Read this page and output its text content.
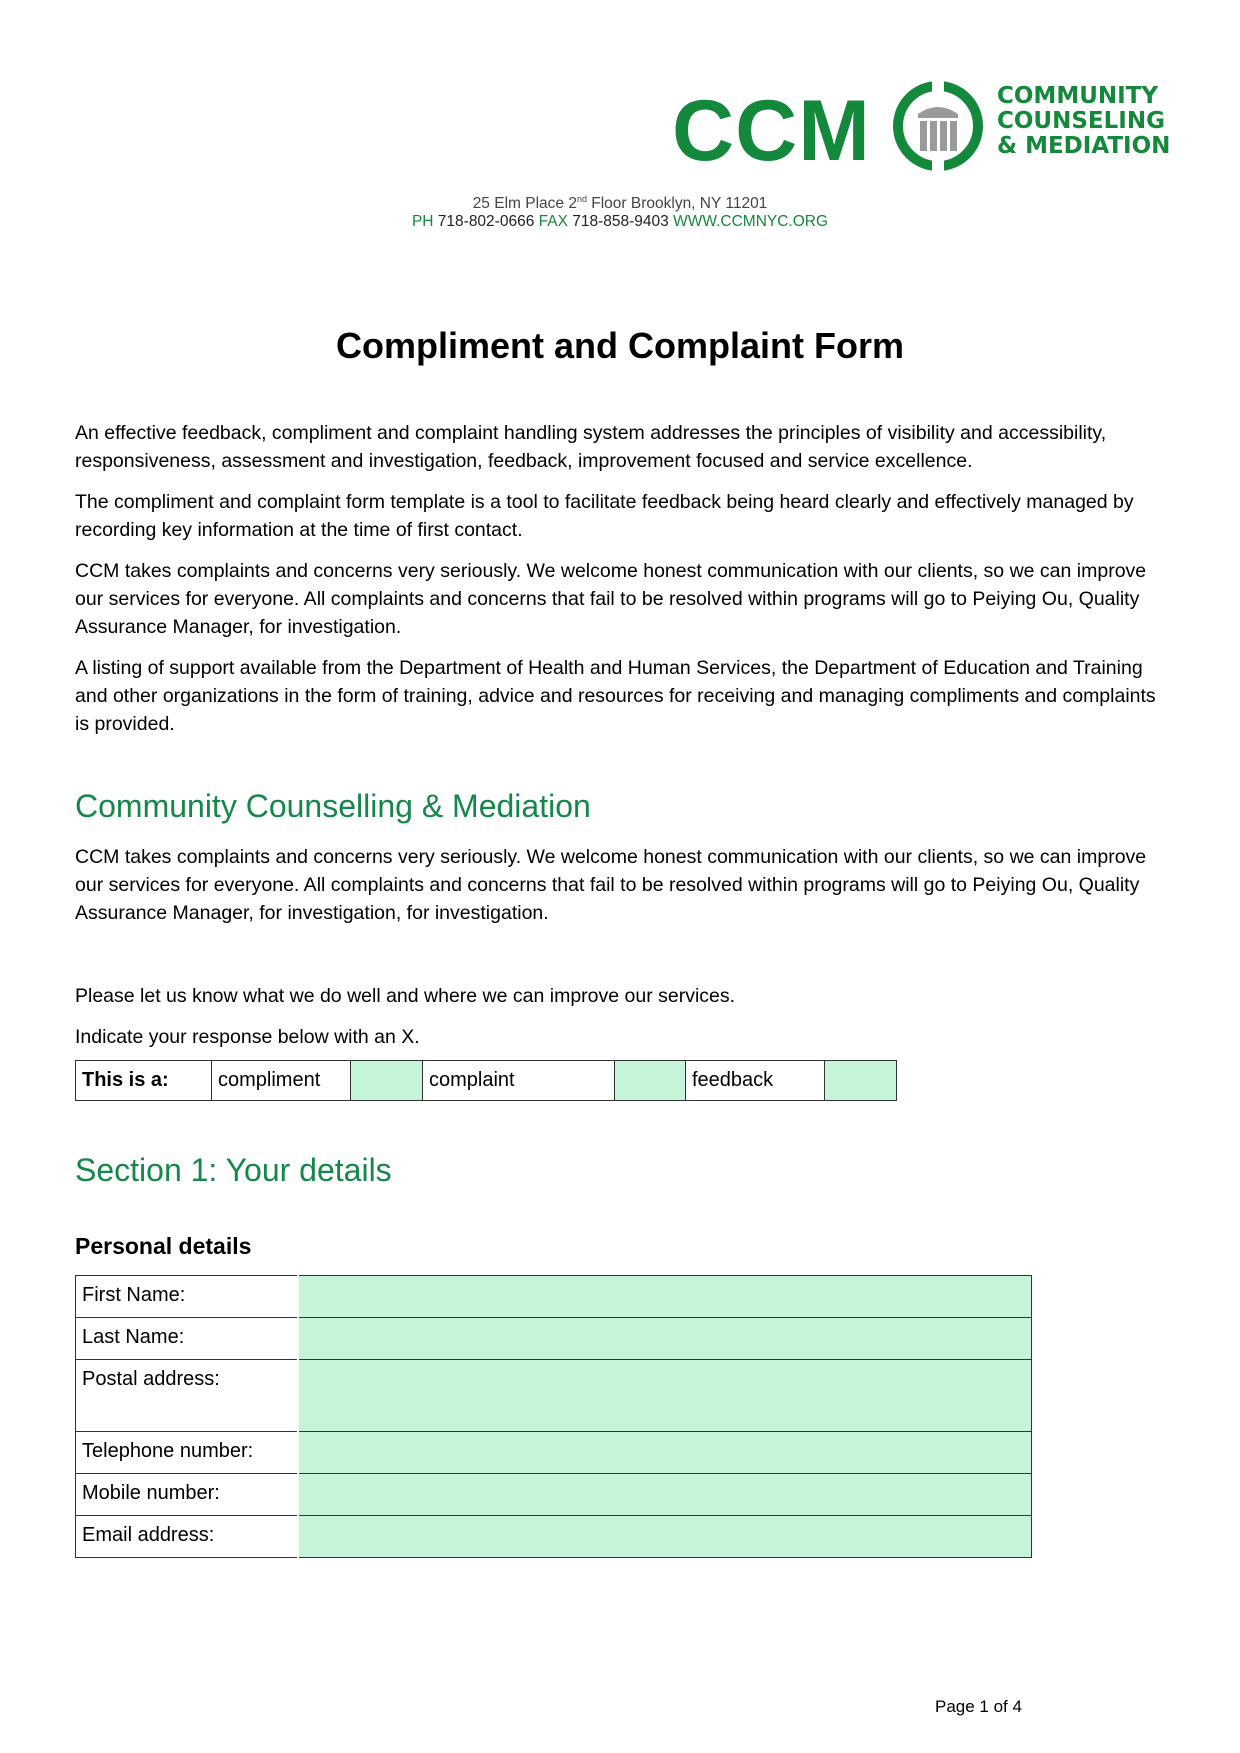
CCM	COMMUNITY
COUNSELING
& MEDIATION
25 Elm Place 2nd Floor Brooklyn, NY 11201
PH 718-802-0666 FAX 718-858-9403 WWW.CCMNYC.ORG
Compliment and Complaint Form

An effective feedback, compliment and complaint handling system addresses the principles of visibility and accessibility, responsiveness, assessment and investigation, feedback, improvement focused and service excellence.

The compliment and complaint form template is a tool to facilitate feedback being heard clearly and effectively managed by recording key information at the time of first contact.

CCM takes complaints and concerns very seriously. We welcome honest communication with our clients, so we can improve our services for everyone. All complaints and concerns that fail to be resolved within programs will go to Peiying Ou, Quality Assurance Manager, for investigation.

A listing of support available from the Department of Health and Human Services, the Department of Education and Training and other organizations in the form of training, advice and resources for receiving and managing compliments and complaints is provided.

Community Counselling & Mediation

CCM takes complaints and concerns very seriously. We welcome honest communication with our clients, so we can improve our services for everyone. All complaints and concerns that fail to be resolved within programs will go to Peiying Ou, Quality Assurance Manager, for investigation, for investigation.

Please let us know what we do well and where we can improve our services.

Indicate your response below with an X.

This is a:	compliment		complaint		feedback	
Section 1: Your details
Personal details
First Name:	
Last Name:	
Postal address:	
Telephone number:	
Mobile number:	
Email address:	
Page 1 of 4
